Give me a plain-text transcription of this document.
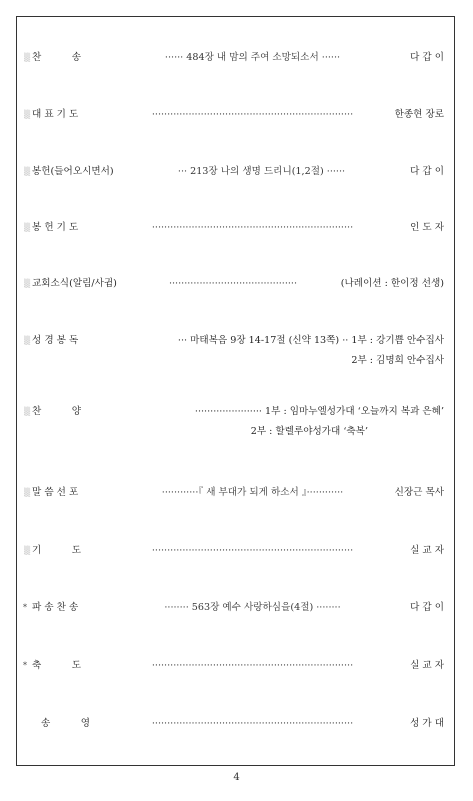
▒ 찬          송	······ 484장 내 맘의 주여 소망되소서 ······	다 갑 이
▒ 대 표 기 도	··································································	한종현 장로
▒ 봉헌(들어오시면서)	··· 213장 나의 생명 드리니(1,2절) ······	다 갑 이
▒ 봉 헌 기 도	··································································	인 도 자
▒ 교회소식(알림/사귐)	··········································	(나레이션 : 한이정 선생)
▒ 성 경 봉 독	··· 마태복음 9장 14-17절 (신약 13쪽) ·· 1부 : 강기쁨 안수집사
2부 : 김명희 안수집사
▒ 찬          양	······················ 1부 : 임마누엘성가대 ‘오늘까지 복과 은혜’
2부 : 할렐루야성가대 ‘축복’
▒ 말 씀 선 포	············『 새 부대가 되게 하소서 』············	신장근 목사
▒ 기          도	··································································	실 교 자
* 파 송 찬 송	········ 563장 예수 사랑하심을(4절) ········	다 갑 이
* 축          도	··································································	실 교 자
송          영	··································································	성 가 대
4
